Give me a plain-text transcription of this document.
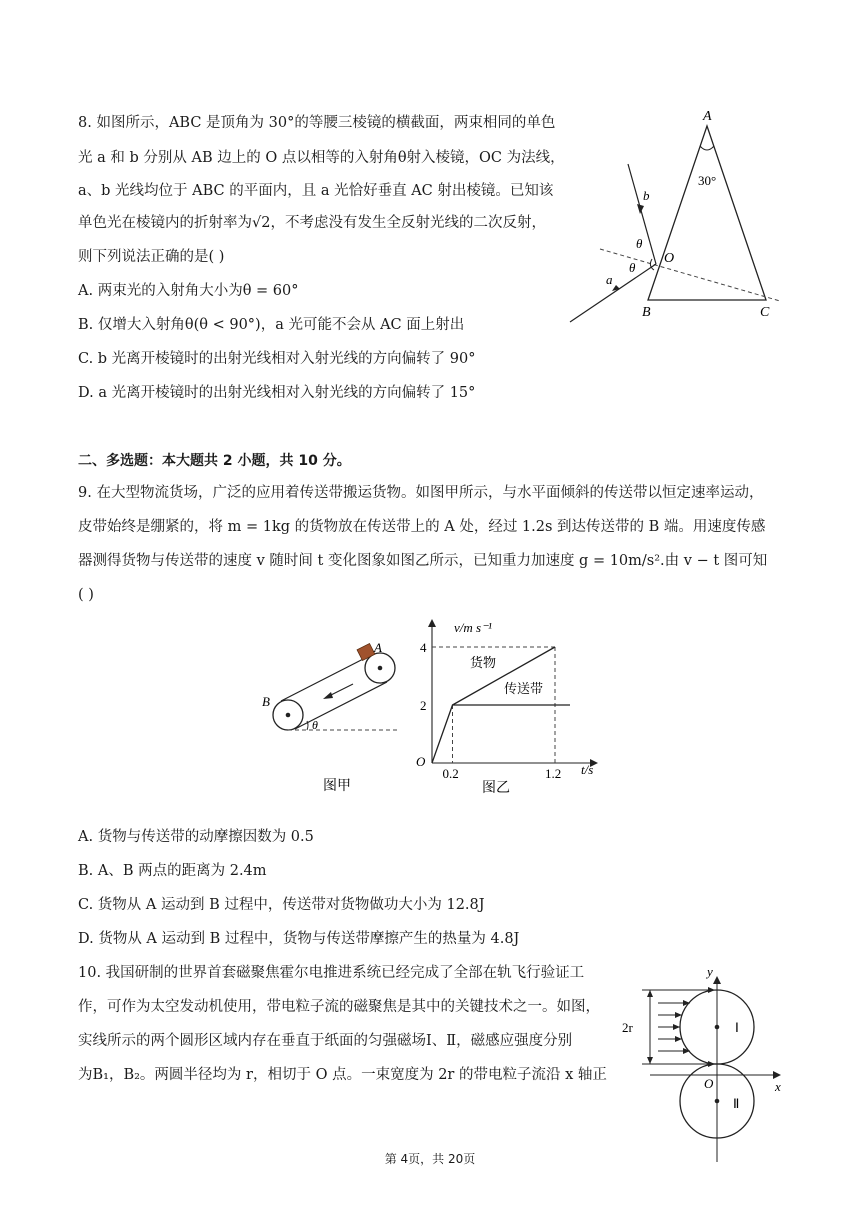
8. 如图所示，ABC 是顶角为 30°的等腰三棱镜的横截面，两束相同的单色
光 a 和 b 分别从 AB 边上的 O 点以相等的入射角θ射入棱镜，OC 为法线，
a、b 光线均位于 ABC 的平面内，且 a 光恰好垂直 AC 射出棱镜。已知该
单色光在棱镜内的折射率为√2，不考虑没有发生全反射光线的二次反射，
则下列说法正确的是( )
A. 两束光的入射角大小为θ = 60°
B. 仅增大入射角θ(θ < 90°)，a 光可能不会从 AC 面上射出
C. b 光离开棱镜时的出射光线相对入射光线的方向偏转了 90°
D. a 光离开棱镜时的出射光线相对入射光线的方向偏转了 15°
A
B	C
O
30°
b
a
θ
θ
二、多选题：本大题共 2 小题，共 10 分。
9. 在大型物流货场，广泛的应用着传送带搬运货物。如图甲所示，与水平面倾斜的传送带以恒定速率运动，
皮带始终是绷紧的，将 m = 1kg 的货物放在传送带上的 A 处，经过 1.2s 到达传送带的 B 端。用速度传感
器测得货物与传送带的速度 v 随时间 t 变化图象如图乙所示，已知重力加速度 g = 10m/s².由 v − t 图可知
( )
A
B
θ
图甲
4
2
0.2	1.2
v/m s⁻¹
t/s
O
货物
传送带
图乙
A. 货物与传送带的动摩擦因数为 0.5
B. A、B 两点的距离为 2.4m
C. 货物从 A 运动到 B 过程中，传送带对货物做功大小为 12.8J
D. 货物从 A 运动到 B 过程中，货物与传送带摩擦产生的热量为 4.8J
10. 我国研制的世界首套磁聚焦霍尔电推进系统已经完成了全部在轨飞行验证工
作，可作为太空发动机使用，带电粒子流的磁聚焦是其中的关键技术之一。如图，
实线所示的两个圆形区域内存在垂直于纸面的匀强磁场Ⅰ、Ⅱ，磁感应强度分别
为B₁，B₂。两圆半径均为 r，相切于 O 点。一束宽度为 2r 的带电粒子流沿 x 轴正
y
x
O
2r	Ⅰ
Ⅱ
第 4页，共 20页
